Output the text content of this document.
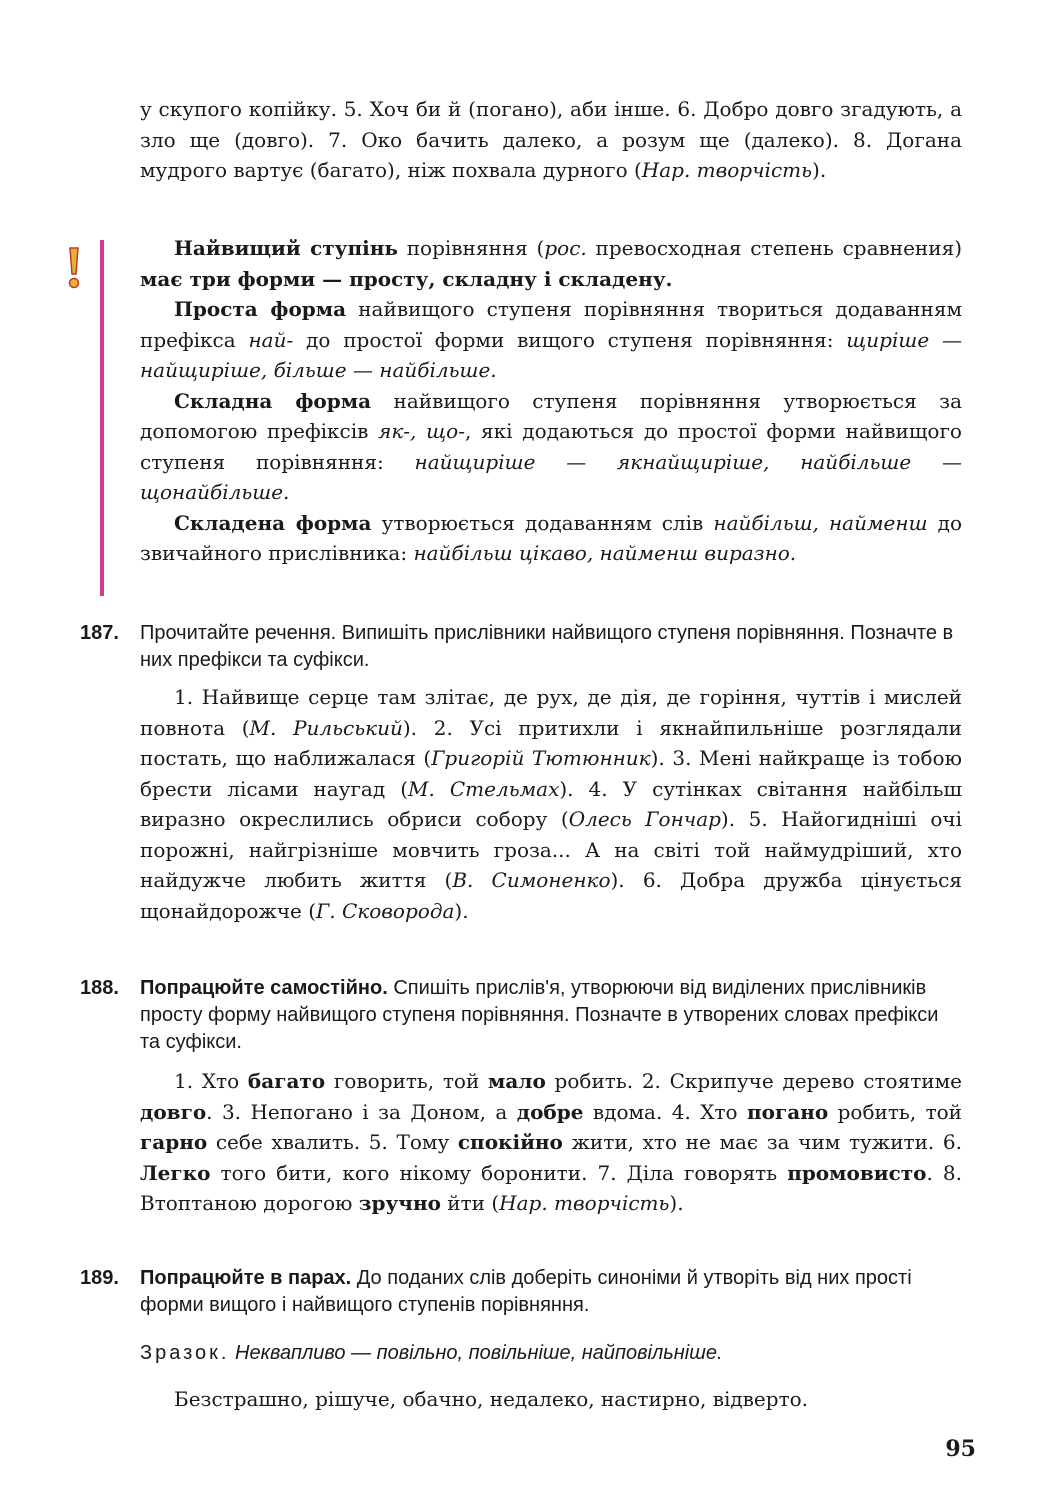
у скупого копійку. 5. Хоч би й (погано), аби інше. 6. Добро довго згадують, а зло ще (довго). 7. Око бачить далеко, а розум ще (далеко). 8. Догана мудрого вартує (багато), ніж похвала дурного (Нар. творчість).

Найвищий ступінь порівняння (рос. превосходная степень сравнения) має три форми — просту, складну і складену.

Проста форма найвищого ступеня порівняння твориться додаванням префікса най- до простої форми вищого ступеня порівняння: щиріше — найщиріше, більше — найбільше.

Складна форма найвищого ступеня порівняння утворюється за допомогою префіксів як-, що-, які додаються до простої форми найвищого ступеня порівняння: найщиріше — якнайщиріше, найбільше — щонайбільше.

Складена форма утворюється додаванням слів найбільш, найменш до звичайного прислівника: найбільш цікаво, найменш виразно.

187. Прочитайте речення. Випишіть прислівники найвищого ступеня порівняння. Позначте в них префікси та суфікси.

1. Найвище серце там злітає, де рух, де дія, де горіння, чуттів і мислей повнота (М. Рильський). 2. Усі притихли і якнайпильніше розглядали постать, що наближалася (Григорій Тютюнник). 3. Мені найкраще із тобою брести лісами наугад (М. Стельмах). 4. У сутінках світання найбільш виразно окреслились обриси собору (Олесь Гончар). 5. Найогидніші очі порожні, найгрізніше мовчить гроза... А на світі той наймудріший, хто найдужче любить життя (В. Симоненко). 6. Добра дружба цінується щонайдорожче (Г. Сковорода).

188. Попрацюйте самостійно. Спишіть прислів'я, утворюючи від виділених прислівників просту форму найвищого ступеня порівняння. Позначте в утворених словах префікси та суфікси.

1. Хто багато говорить, той мало робить. 2. Скрипуче дерево стоятиме довго. 3. Непогано і за Доном, а добре вдома. 4. Хто погано робить, той гарно себе хвалить. 5. Тому спокійно жити, хто не має за чим тужити. 6. Легко того бити, кого нікому боронити. 7. Діла говорять промовисто. 8. Втоптаною дорогою зручно йти (Нар. творчість).

189. Попрацюйте в парах. До поданих слів доберіть синоніми й утворіть від них прості форми вищого і найвищого ступенів порівняння.
Зразок. Неквапливо — повільно, повільніше, найповільніше.

Безстрашно, рішуче, обачно, недалеко, настирно, відверто.

95
